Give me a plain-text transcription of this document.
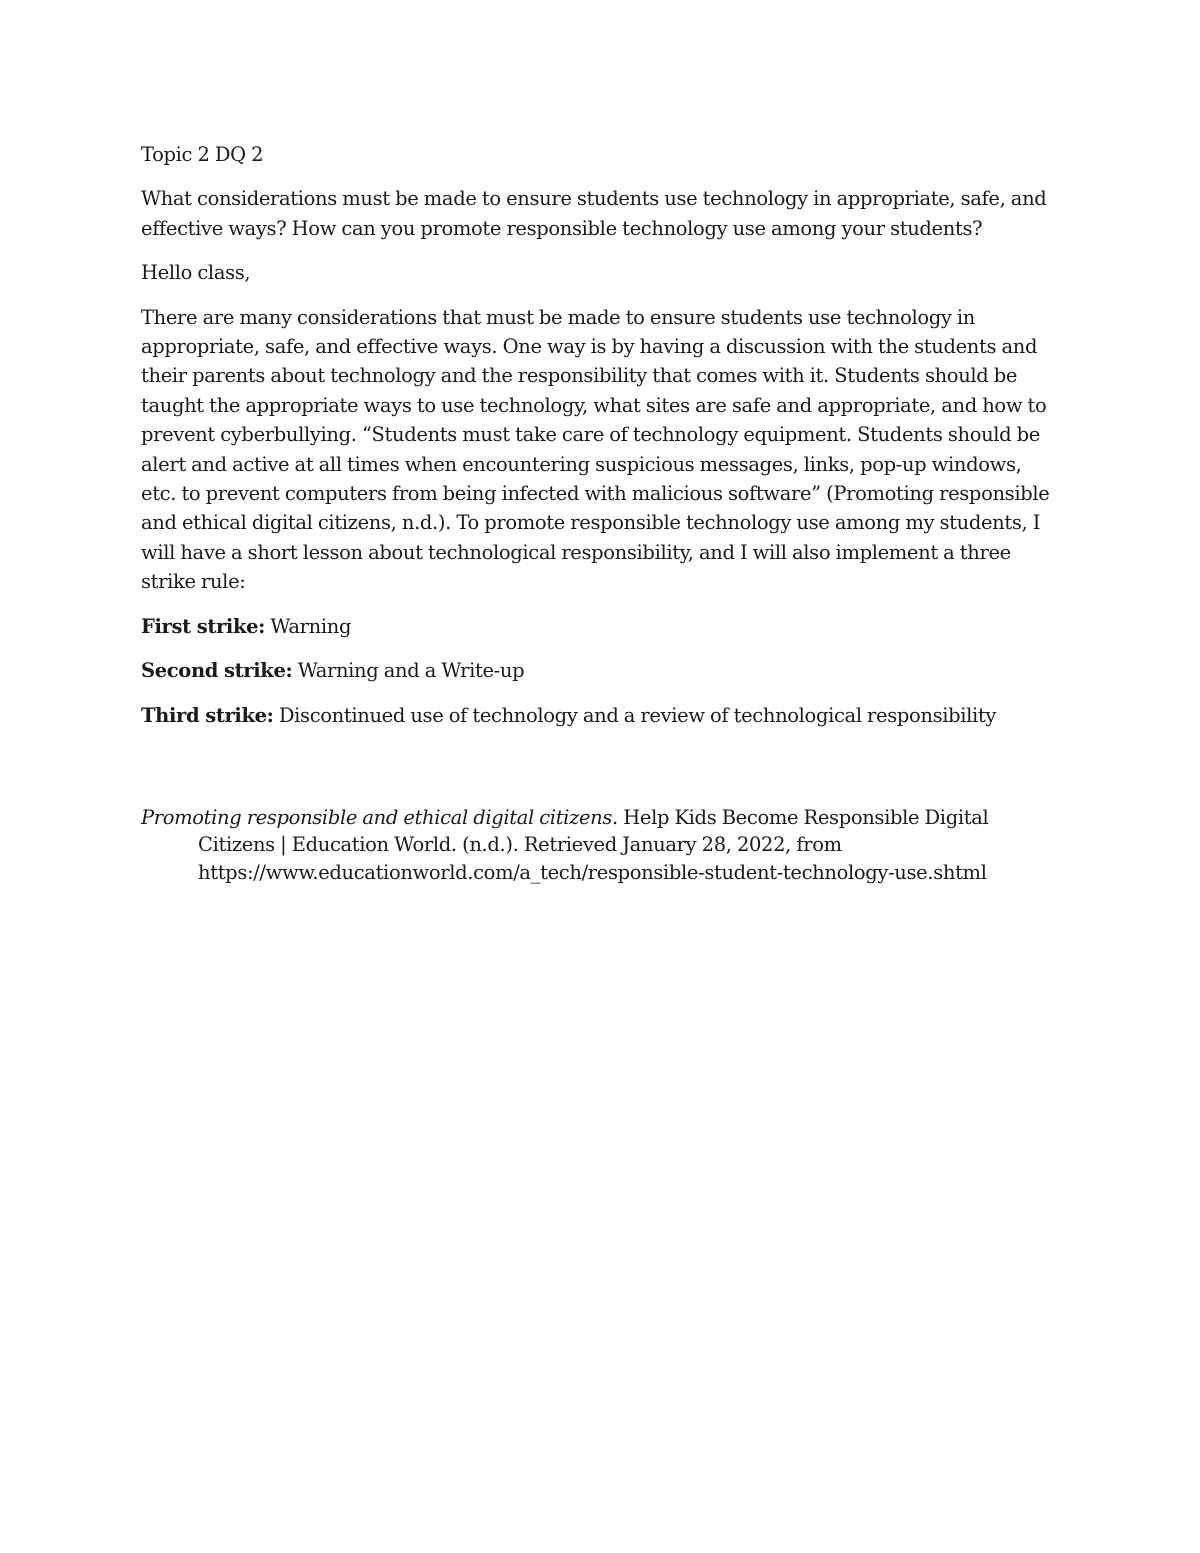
Topic 2 DQ 2

What considerations must be made to ensure students use technology in appropriate, safe, and effective ways? How can you promote responsible technology use among your students?

Hello class,

There are many considerations that must be made to ensure students use technology in appropriate, safe, and effective ways. One way is by having a discussion with the students and their parents about technology and the responsibility that comes with it. Students should be taught the appropriate ways to use technology, what sites are safe and appropriate, and how to prevent cyberbullying. “Students must take care of technology equipment. Students should be alert and active at all times when encountering suspicious messages, links, pop-up windows, etc. to prevent computers from being infected with malicious software” (Promoting responsible and ethical digital citizens, n.d.). To promote responsible technology use among my students, I will have a short lesson about technological responsibility, and I will also implement a three strike rule:

First strike: Warning

Second strike: Warning and a Write-up

Third strike: Discontinued use of technology and a review of technological responsibility

Promoting responsible and ethical digital citizens. Help Kids Become Responsible Digital Citizens | Education World. (n.d.). Retrieved January 28, 2022, from https://www.educationworld.com/a_tech/responsible-student-technology-use.shtml
